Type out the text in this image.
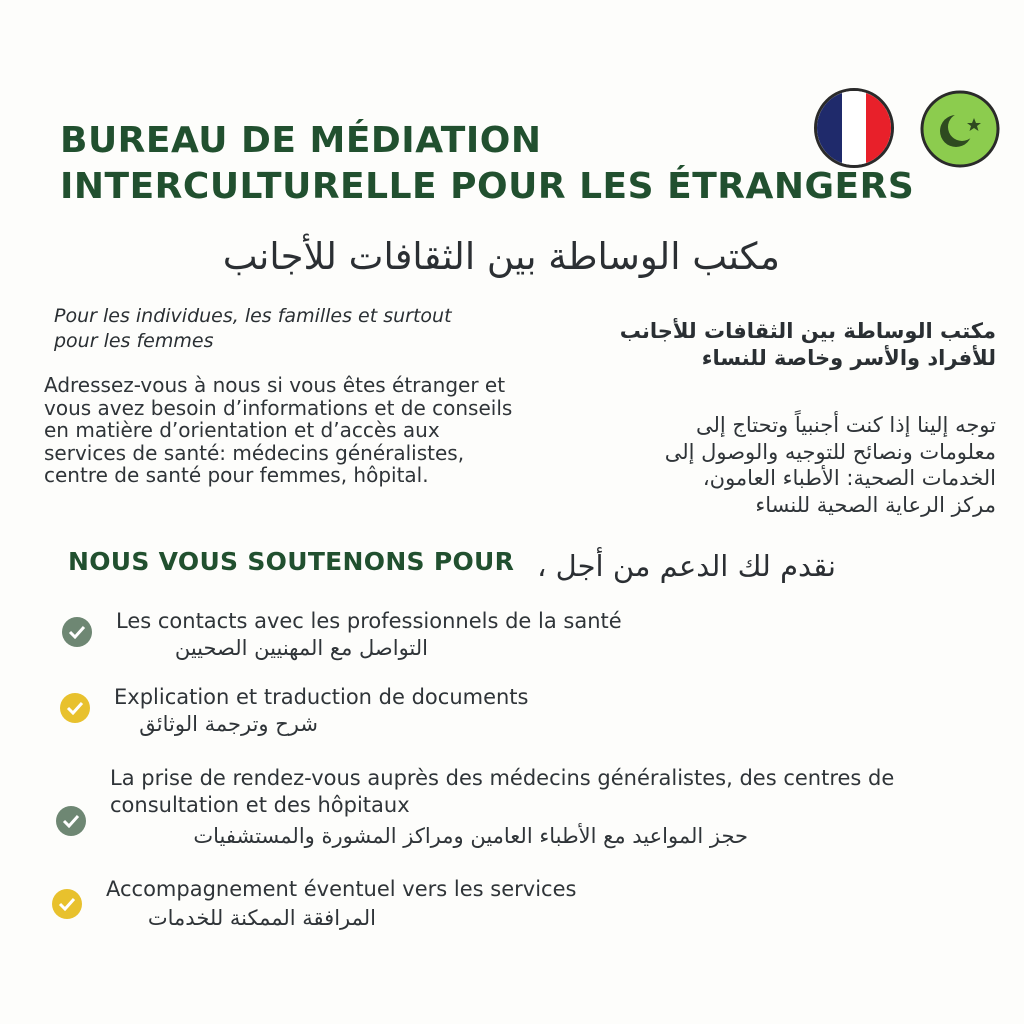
BUREAU DE MÉDIATION
INTERCULTURELLE POUR LES ÉTRANGERS
مكتب الوساطة بين الثقافات للأجانب
Pour les individues, les familles et surtout pour les femmes	مكتب الوساطة بين الثقافات للأجانب
للأفراد والأسر وخاصة للنساء
Adressez-vous à nous si vous êtes étranger et vous avez besoin d’informations et de conseils en matière d’orientation et d’accès aux services de santé: médecins généralistes, centre de santé pour femmes, hôpital.
توجه إلينا إذا كنت أجنبياً وتحتاج إلى
معلومات ونصائح للتوجيه والوصول إلى
الخدمات الصحية: الأطباء العامون،
مركز الرعاية الصحية للنساء
NOUS VOUS SOUTENONS POUR نقدم لك الدعم من أجل ،
Les contacts avec les professionnels de la santé
التواصل مع المهنيين الصحيين
Explication et traduction de documents
شرح وترجمة الوثائق
La prise de rendez-vous auprès des médecins généralistes, des centres de
consultation et des hôpitaux
حجز المواعيد مع الأطباء العامين ومراكز المشورة والمستشفيات
Accompagnement éventuel vers les services
المرافقة الممكنة للخدمات
